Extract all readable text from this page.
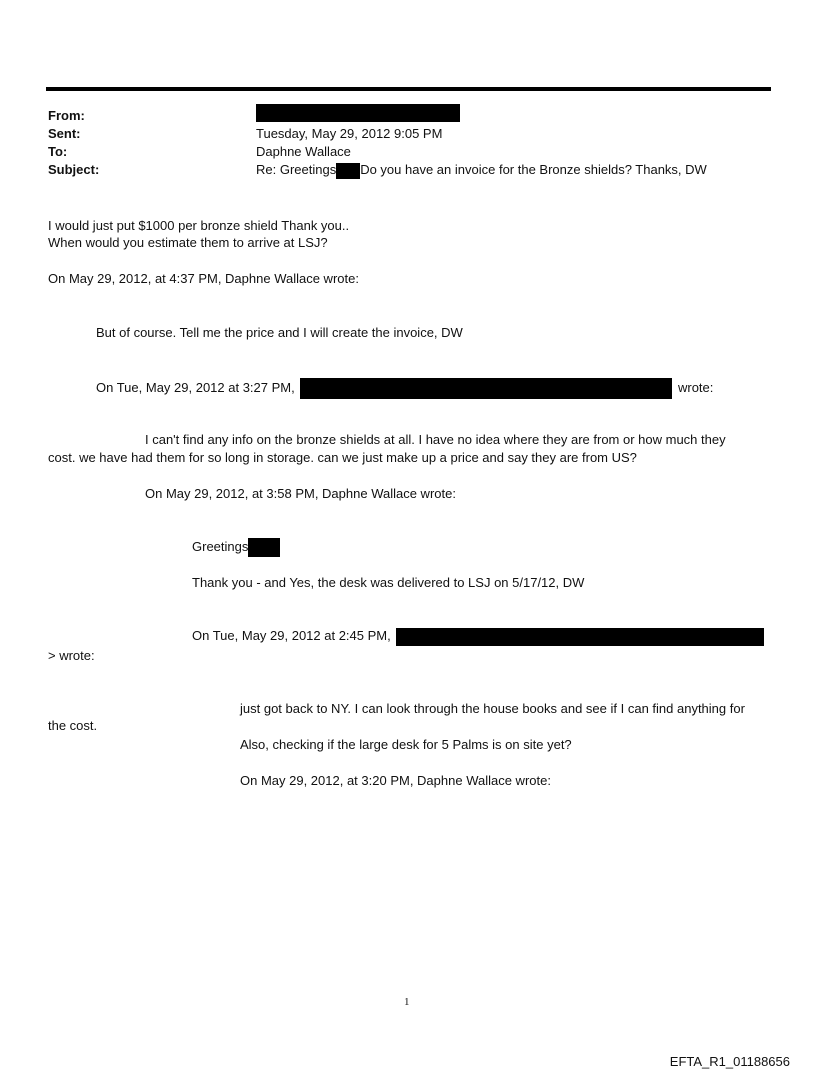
From:
Sent:	Tuesday, May 29, 2012 9:05 PM
To:	Daphne Wallace
Subject:	Re: Greetings Do you have an invoice for the Bronze shields? Thanks, DW
I would just put $1000 per bronze shield Thank you..
When would you estimate them to arrive at LSJ?
On May 29, 2012, at 4:37 PM, Daphne Wallace wrote:
But of course. Tell me the price and I will create the invoice, DW
On Tue, May 29, 2012 at 3:27 PM,	wrote:
I can't find any info on the bronze shields at all. I have no idea where they are from or how much they
cost. we have had them for so long in storage. can we just make up a price and say they are from US?
On May 29, 2012, at 3:58 PM, Daphne Wallace wrote:
Greetings
Thank you - and Yes, the desk was delivered to LSJ on 5/17/12, DW
On Tue, May 29, 2012 at 2:45 PM,
> wrote:
just got back to NY. I can look through the house books and see if I can find anything for
the cost.
Also, checking if the large desk for 5 Palms is on site yet?
On May 29, 2012, at 3:20 PM, Daphne Wallace wrote:
1
EFTA_R1_01188656
